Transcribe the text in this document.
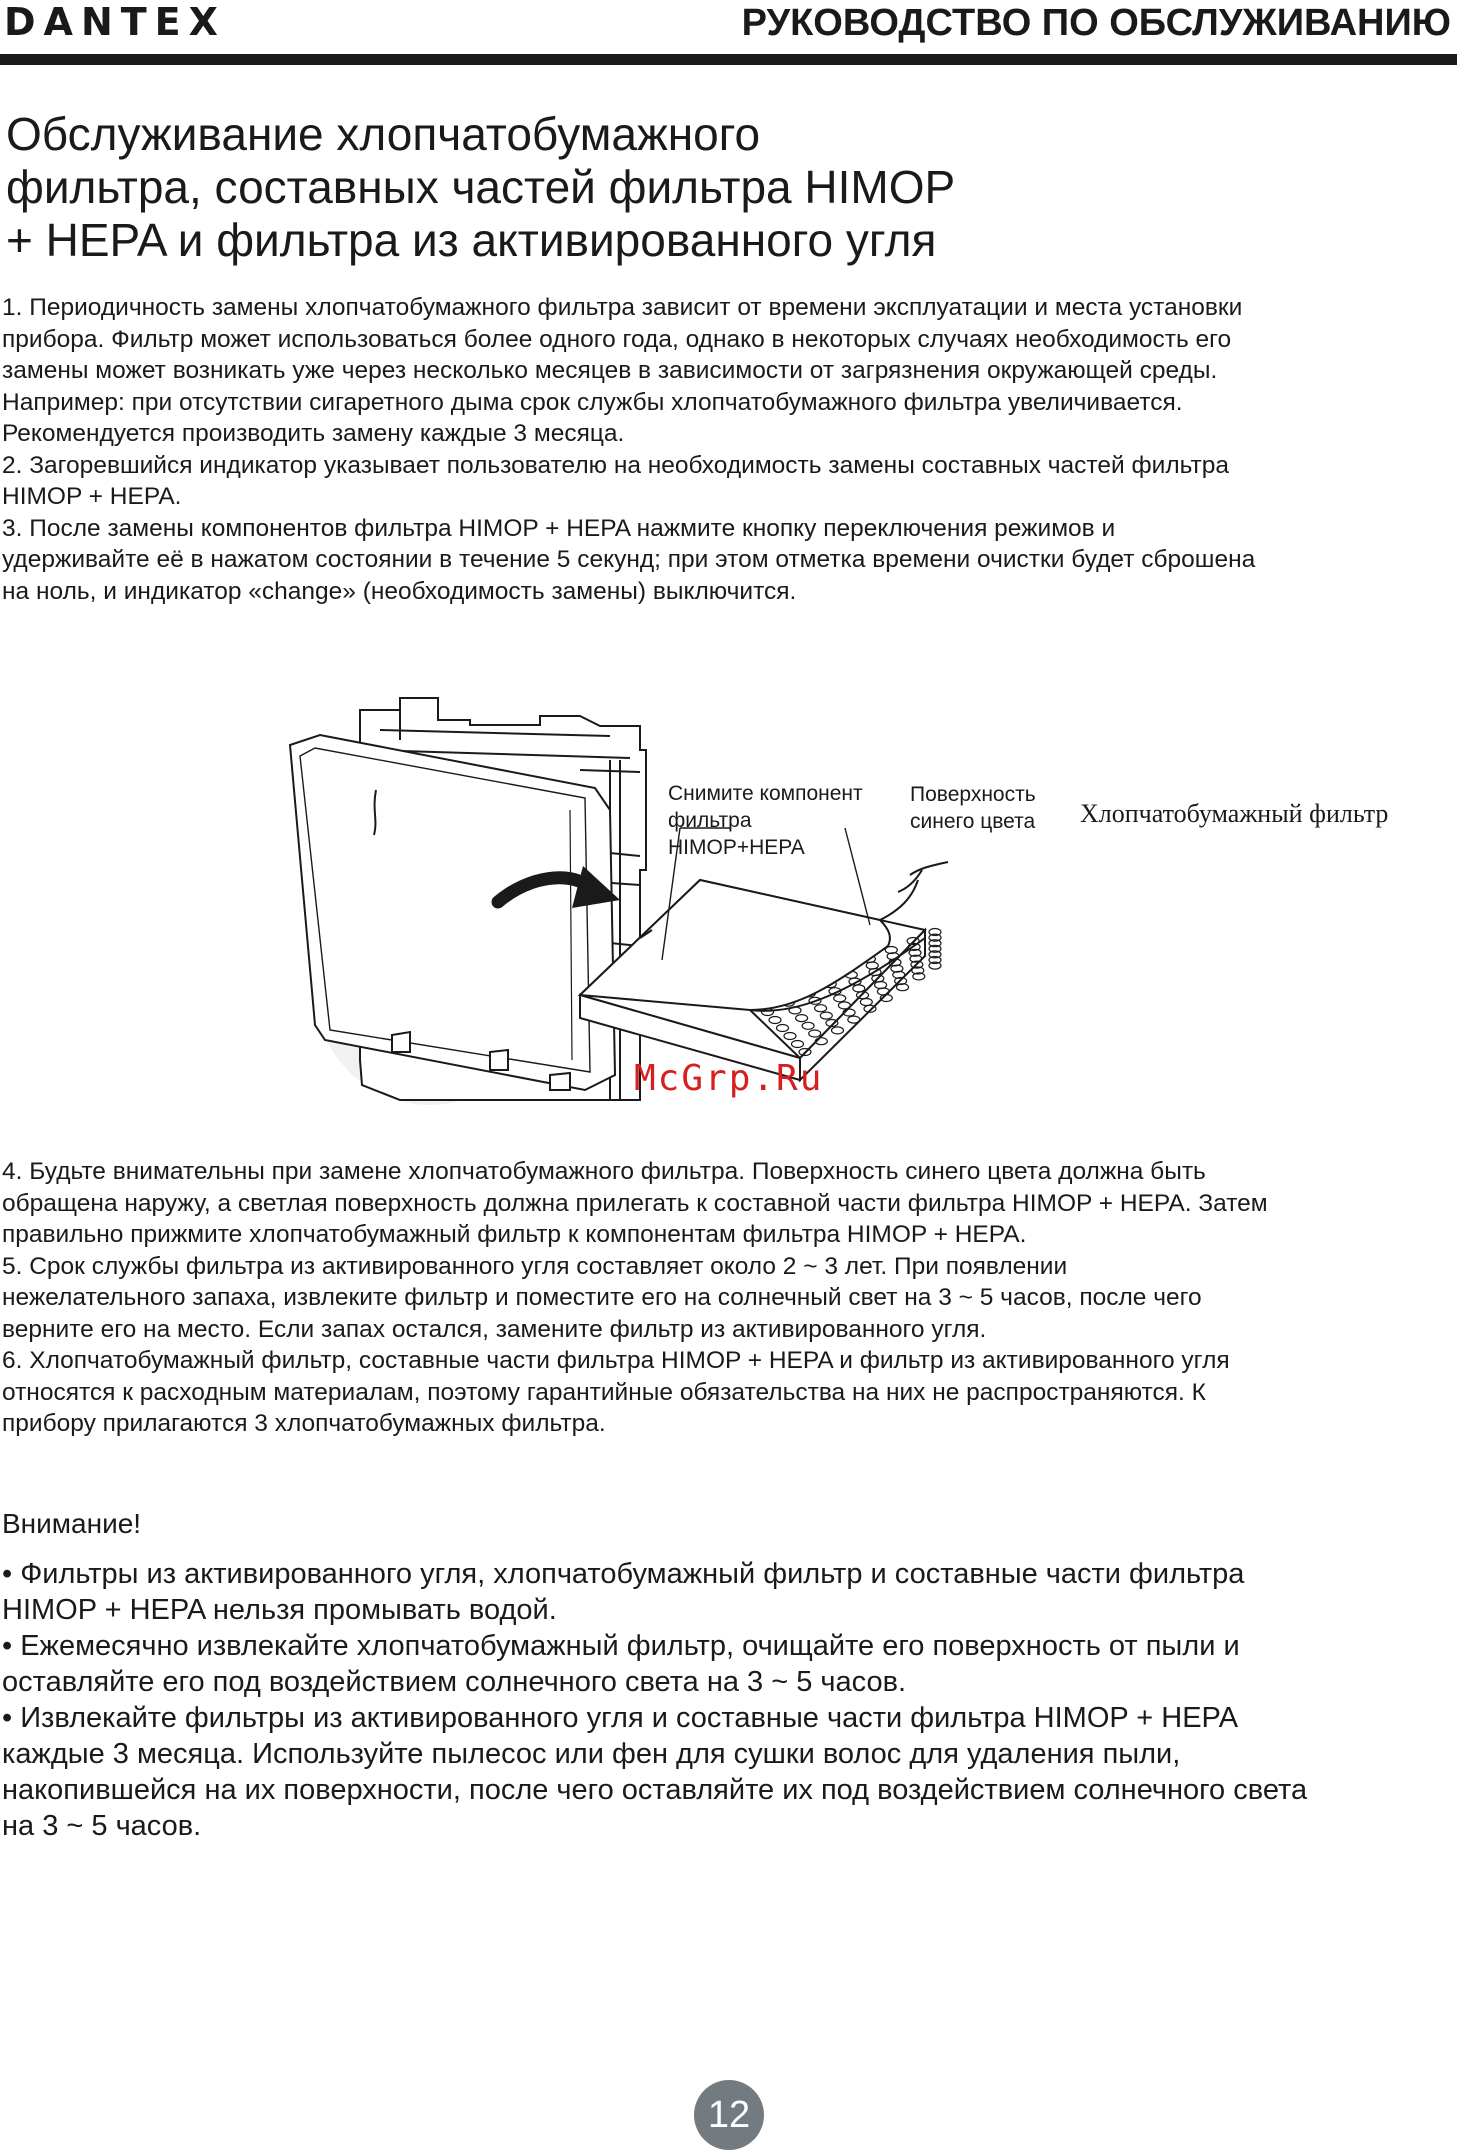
DANTEX	РУКОВОДСТВО ПО ОБСЛУЖИВАНИЮ
Обслуживание хлопчатобумажного
фильтра, составных частей фильтра HIMOP
+ HEPA и фильтра из активированного угля

1. Периодичность замены хлопчатобумажного фильтра зависит от времени эксплуатации и места установки
прибора. Фильтр может использоваться более одного года, однако в некоторых случаях необходимость его
замены может возникать уже через несколько месяцев в зависимости от загрязнения окружающей среды.
Например: при отсутствии сигаретного дыма срок службы хлопчатобумажного фильтра увеличивается.
Рекомендуется производить замену каждые 3 месяца.
2. Загоревшийся индикатор указывает пользователю на необходимость замены составных частей фильтра
HIMOP + HEPA.
3. После замены компонентов фильтра HIMOP + HEPA нажмите кнопку переключения режимов и
удерживайте её в нажатом состоянии в течение 5 секунд; при этом отметка времени очистки будет сброшена
на ноль, и индикатор «change» (необходимость замены) выключится.

Снимите компонент
фильтра
HIMOP+HEPA
Поверхность
синего цвета Хлопчатобумажный фильтр
McGrp.Ru

4. Будьте внимательны при замене хлопчатобумажного фильтра. Поверхность синего цвета должна быть
обращена наружу, а светлая поверхность должна прилегать к составной части фильтра HIMOP + HEPA. Затем
правильно прижмите хлопчатобумажный фильтр к компонентам фильтра HIMOP + HEPA.
5. Срок службы фильтра из активированного угля составляет около 2 ~ 3 лет. При появлении
нежелательного запаха, извлеките фильтр и поместите его на солнечный свет на 3 ~ 5 часов, после чего
верните его на место. Если запах остался, замените фильтр из активированного угля.
6. Хлопчатобумажный фильтр, составные части фильтра HIMOP + HEPA и фильтр из активированного угля
относятся к расходным материалам, поэтому гарантийные обязательства на них не распространяются. К
прибору прилагаются 3 хлопчатобумажных фильтра.

Внимание!

• Фильтры из активированного угля, хлопчатобумажный фильтр и составные части фильтра
HIMOP + HEPA нельзя промывать водой.
• Ежемесячно извлекайте хлопчатобумажный фильтр, очищайте его поверхность от пыли и
оставляйте его под воздействием солнечного света на 3 ~ 5 часов.
• Извлекайте фильтры из активированного угля и составные части фильтра HIMOP + HEPA
каждые 3 месяца. Используйте пылесос или фен для сушки волос для удаления пыли,
накопившейся на их поверхности, после чего оставляйте их под воздействием солнечного света
на 3 ~ 5 часов.

12
